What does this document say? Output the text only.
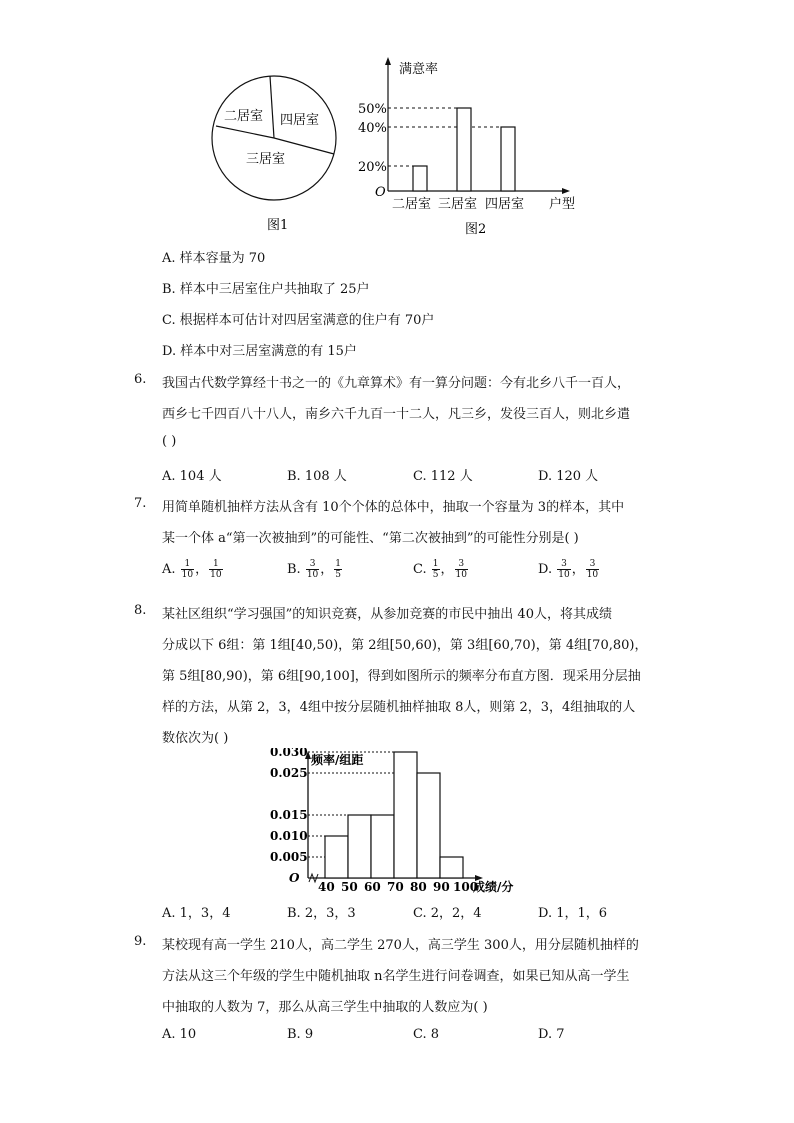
二居室 四居室
三居室
图1
满意率
户型
O
50%
40%
20%
二居室 三居室 四居室
图2
A. 样本容量为 70
B. 样本中三居室住户共抽取了 25户
C. 根据样本可估计对四居室满意的住户有 70户
D. 样本中对三居室满意的有 15户
6. 我国古代数学算经十书之一的《九章算术》有一算分问题：今有北乡八千一百人，
西乡七千四百八十八人，南乡六千九百一十二人，凡三乡，发役三百人，则北乡遣
( )
A. 104 人	B. 108 人	C. 112 人	D. 120 人
7. 用简单随机抽样方法从含有 10个个体的总体中，抽取一个容量为 3的样本，其中
某一个体 a“第一次被抽到”的可能性、“第二次被抽到”的可能性分别是( )
A. $\frac{1}{10}$ ， $\frac{1}{10}$	B. $\frac{3}{10}$ ， $\frac{1}{5}$	C. $\frac{1}{5}$ ， $\frac{3}{10}$	D. $\frac{3}{10}$ ， $\frac{3}{10}$
8. 某社区组织“学习强国”的知识竞赛，从参加竞赛的市民中抽出 40人，将其成绩
分成以下 6组：第 1组[40,50)，第 2组[50,60)，第 3组[60,70)，第 4组[70,80)，
第 5组[80,90)，第 6组[90,100]，得到如图所示的频率分布直方图．现采用分层抽
样的方法，从第 2，3，4组中按分层随机抽样抽取 8人，则第 2，3，4组抽取的人
数依次为( )
频率/组距
O
0.030
0.025
0.015
0.010
0.005
40 50 60 70 80 90 100
成绩/分
A. 1，3，4	B. 2，3，3	C. 2，2，4	D. 1，1，6
9. 某校现有高一学生 210人，高二学生 270人，高三学生 300人，用分层随机抽样的
方法从这三个年级的学生中随机抽取 n名学生进行问卷调查，如果已知从高一学生
中抽取的人数为 7，那么从高三学生中抽取的人数应为( )
A. 10	B. 9	C. 8	D. 7
